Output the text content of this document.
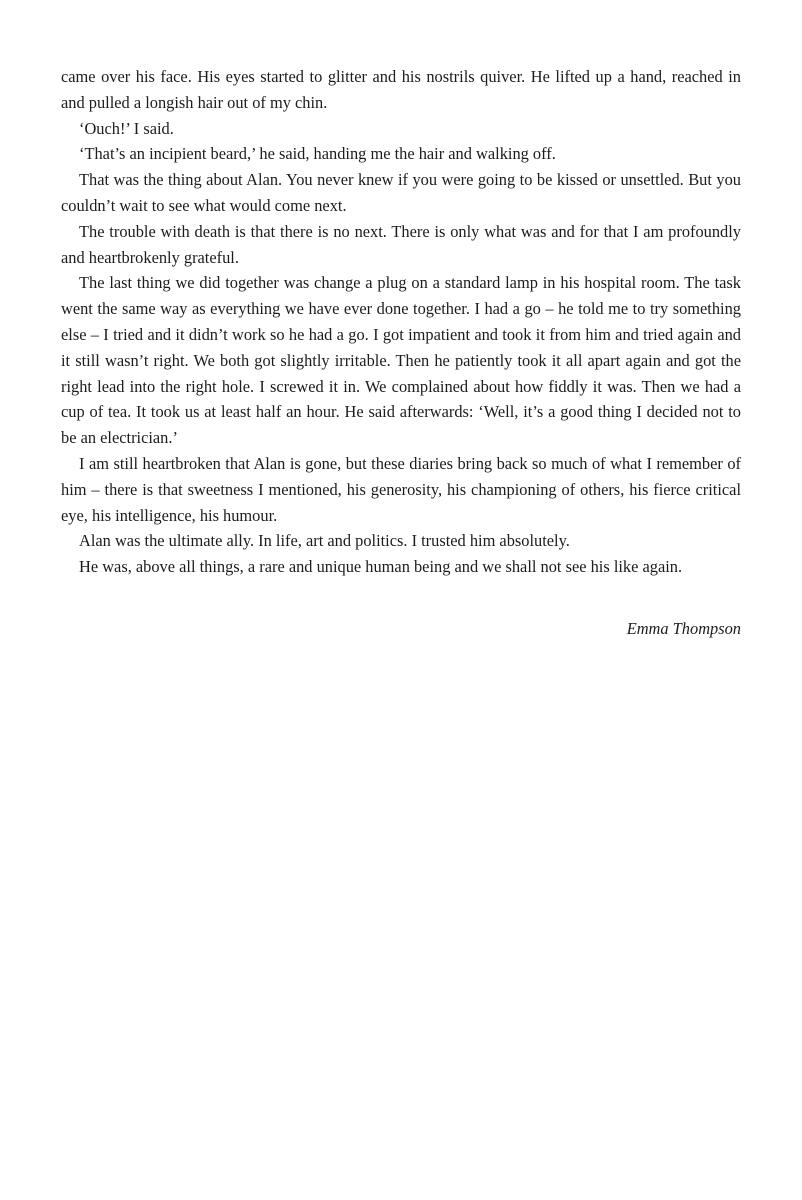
came over his face. His eyes started to glitter and his nostrils quiver. He lifted up a hand, reached in and pulled a longish hair out of my chin.

‘Ouch!’ I said.

‘That’s an incipient beard,’ he said, handing me the hair and walking off.

That was the thing about Alan. You never knew if you were going to be kissed or unsettled. But you couldn’t wait to see what would come next.

The trouble with death is that there is no next. There is only what was and for that I am profoundly and heartbrokenly grateful.

The last thing we did together was change a plug on a standard lamp in his hospital room. The task went the same way as everything we have ever done together. I had a go – he told me to try something else – I tried and it didn’t work so he had a go. I got impatient and took it from him and tried again and it still wasn’t right. We both got slightly irritable. Then he patiently took it all apart again and got the right lead into the right hole. I screwed it in. We complained about how fiddly it was. Then we had a cup of tea. It took us at least half an hour. He said afterwards: ‘Well, it’s a good thing I decided not to be an electrician.’

I am still heartbroken that Alan is gone, but these diaries bring back so much of what I remember of him – there is that sweetness I mentioned, his generosity, his championing of others, his fierce critical eye, his intelligence, his humour.

Alan was the ultimate ally. In life, art and politics. I trusted him absolutely.

He was, above all things, a rare and unique human being and we shall not see his like again.

Emma Thompson
